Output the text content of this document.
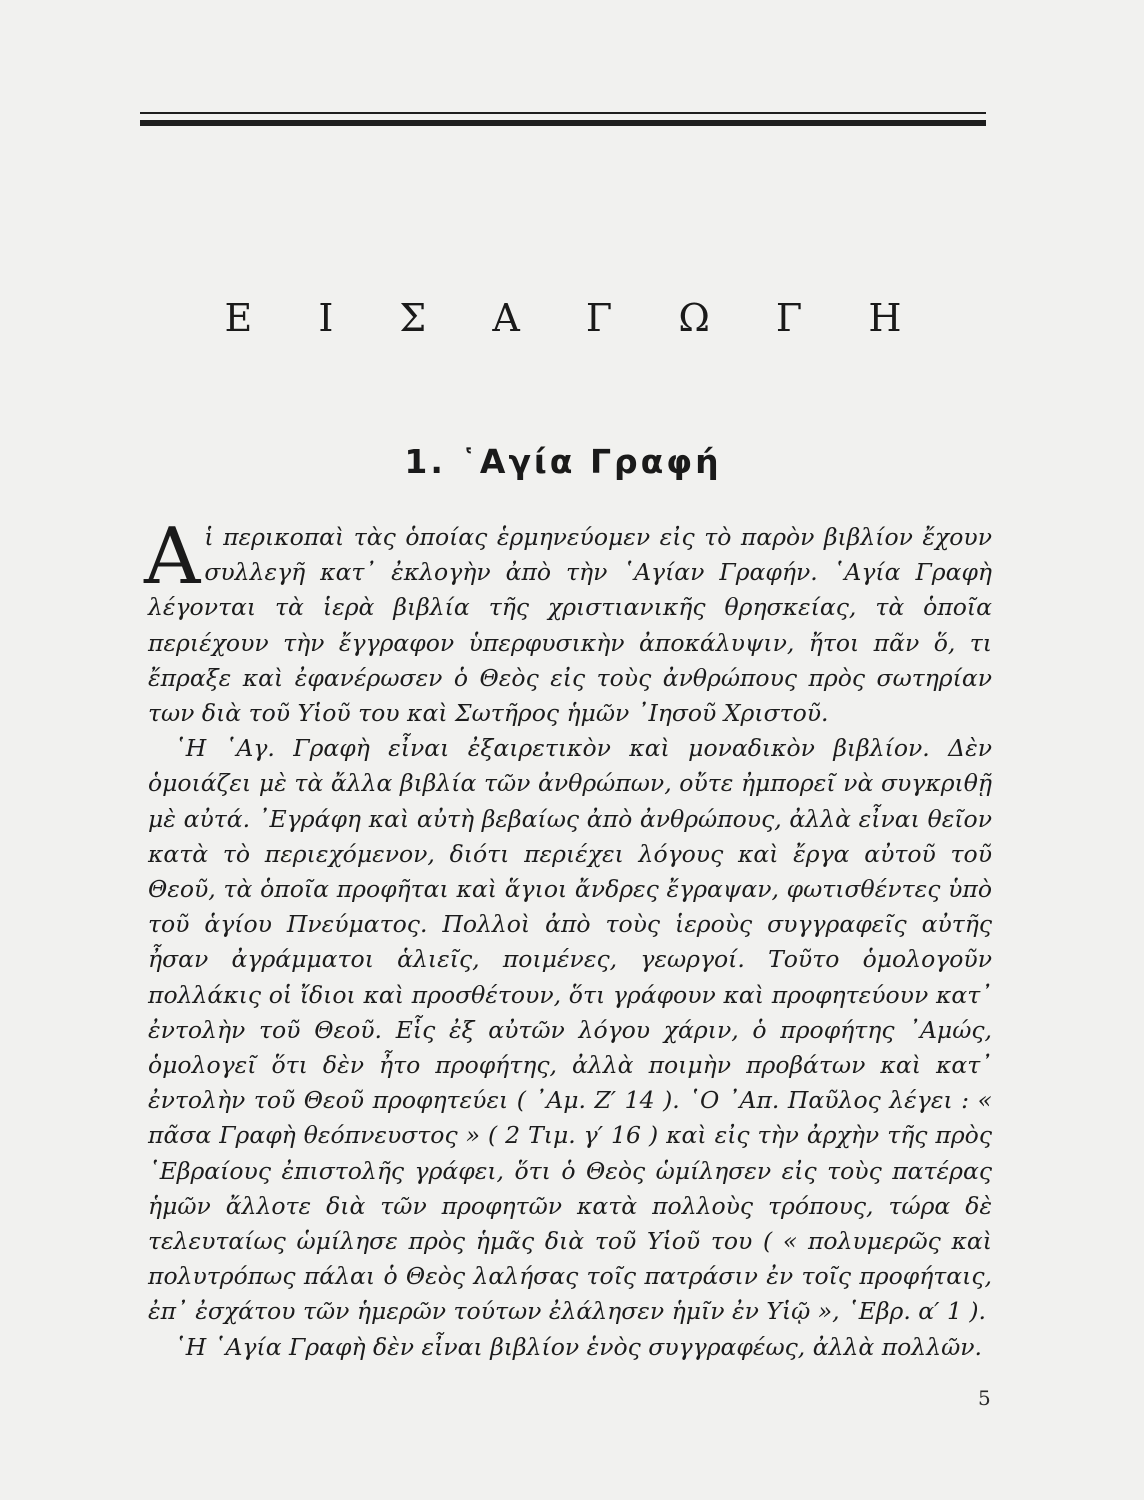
Ε Ι Σ Α Γ Ω Γ Η
1. ῾Αγία Γραφή

Αἱ περικοπαὶ τὰς ὁποίας ἑρμηνεύομεν εἰς τὸ παρὸν βιβλίον ἔχουν συλλεγῆ κατ᾽ ἐκλογὴν ἀπὸ τὴν ῾Αγίαν Γραφήν. ῾Αγία Γραφὴ λέγονται τὰ ἱερὰ βιβλία τῆς χριστιανικῆς θρησκείας, τὰ ὁποῖα περιέχουν τὴν ἔγγραφον ὑπερφυσικὴν ἀποκάλυψιν, ἤτοι πᾶν ὅ, τι ἔπραξε καὶ ἐφανέρωσεν ὁ Θεὸς εἰς τοὺς ἀνθρώπους πρὸς σωτηρίαν των διὰ τοῦ Υἱοῦ του καὶ Σωτῆρος ἡμῶν ᾽Ιησοῦ Χριστοῦ.

῾Η ῾Αγ. Γραφὴ εἶναι ἐξαιρετικὸν καὶ μοναδικὸν βιβλίον. Δὲν ὁμοιάζει μὲ τὰ ἄλλα βιβλία τῶν ἀνθρώπων, οὔτε ἠμπορεῖ νὰ συγκριθῇ μὲ αὐτά. ᾽Εγράφη καὶ αὐτὴ βεβαίως ἀπὸ ἀνθρώπους, ἀλλὰ εἶναι θεῖον κατὰ τὸ περιεχόμενον, διότι περιέχει λόγους καὶ ἔργα αὐτοῦ τοῦ Θεοῦ, τὰ ὁποῖα προφῆται καὶ ἅγιοι ἄνδρες ἔγραψαν, φωτισθέντες ὑπὸ τοῦ ἁγίου Πνεύματος. Πολλοὶ ἀπὸ τοὺς ἱεροὺς συγγραφεῖς αὐτῆς ἦσαν ἀγράμματοι ἁλιεῖς, ποιμένες, γεωργοί. Τοῦτο ὁμολογοῦν πολλάκις οἱ ἴδιοι καὶ προσθέτουν, ὅτι γράφουν καὶ προφητεύουν κατ᾽ ἐντολὴν τοῦ Θεοῦ. Εἷς ἐξ αὐτῶν λόγου χάριν, ὁ προφήτης ᾽Αμώς, ὁμολογεῖ ὅτι δὲν ἦτο προφήτης, ἀλλὰ ποιμὴν προβάτων καὶ κατ᾽ ἐντολὴν τοῦ Θεοῦ προφητεύει ( ᾽Αμ. Ζ′ 14 ). ῾Ο ᾽Απ. Παῦλος λέγει : « πᾶσα Γραφὴ θεόπνευστος » ( 2 Τιμ. γ′ 16 ) καὶ εἰς τὴν ἀρχὴν τῆς πρὸς ῾Εβραίους ἐπιστολῆς γράφει, ὅτι ὁ Θεὸς ὡμίλησεν εἰς τοὺς πατέρας ἡμῶν ἄλλοτε διὰ τῶν προφητῶν κατὰ πολλοὺς τρόπους, τώρα δὲ τελευταίως ὡμίλησε πρὸς ἡμᾶς διὰ τοῦ Υἱοῦ του ( « πολυμερῶς καὶ πολυτρόπως πάλαι ὁ Θεὸς λαλήσας τοῖς πατράσιν ἐν τοῖς προφήταις, ἐπ᾽ ἐσχάτου τῶν ἡμερῶν τούτων ἐλάλησεν ἡμῖν ἐν Υἱῷ », ῾Εβρ. α′ 1 ).

῾Η ῾Αγία Γραφὴ δὲν εἶναι βιβλίον ἑνὸς συγγραφέως, ἀλλὰ πολλῶν.

5
